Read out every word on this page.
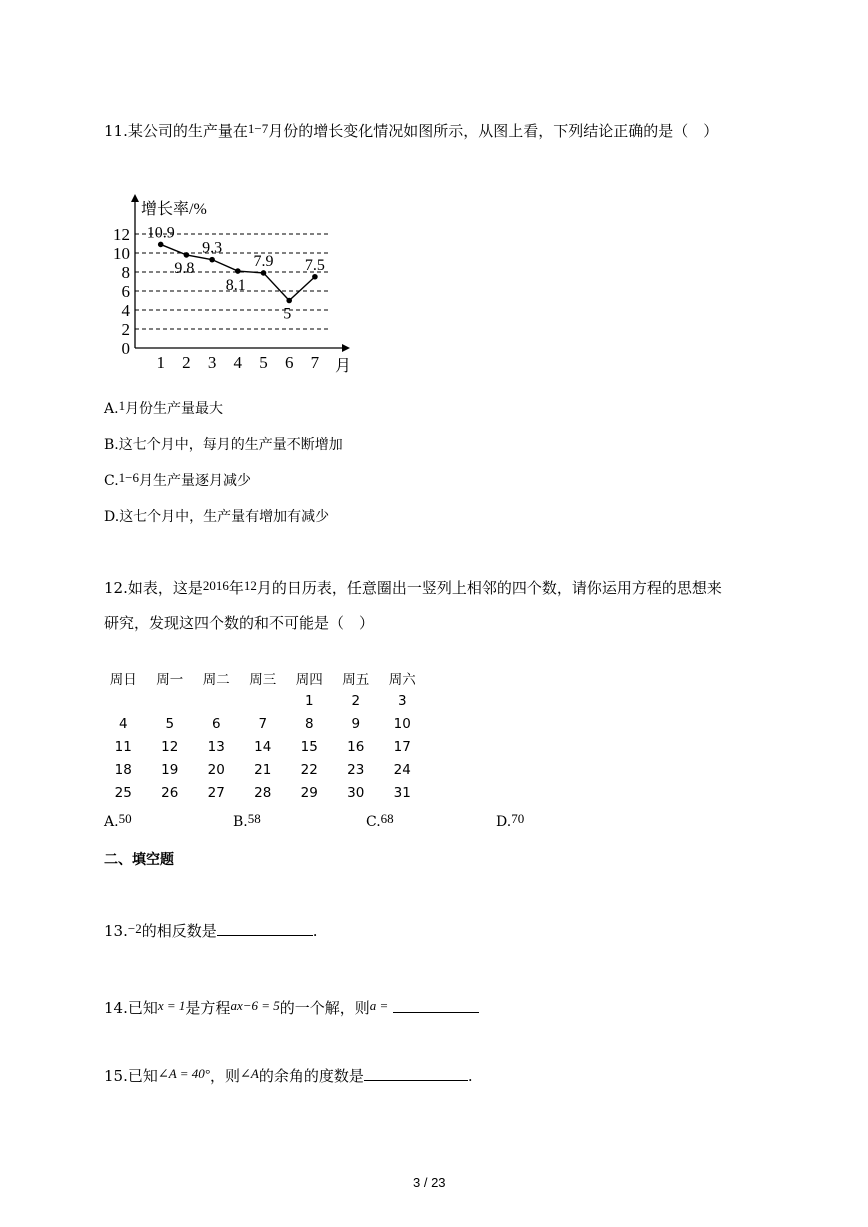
11.某公司的生产量在1−7月份的增长变化情况如图所示，从图上看，下列结论正确的是（　）
增长率/%
月
0
2
4
6
8
10
12
1 2 3 4 5 6 7
10.9
9.8
9.3
8.1
7.9
5
7.5
A.1月份生产量最大
B.这七个月中，每月的生产量不断增加
C.1−6月生产量逐月减少
D.这七个月中，生产量有增加有减少
12.如表，这是2016年12月的日历表，任意圈出一竖列上相邻的四个数，请你运用方程的思想来
研究，发现这四个数的和不可能是（　）
周日	周一	周二	周三	周四	周五	周六
				1	2	3
4	5	6	7	8	9	10
11	12	13	14	15	16	17
18	19	20	21	22	23	24
25	26	27	28	29	30	31
A.50	B.58	C.68	D.70
二、填空题
13.−2的相反数是	.
14.已知x = 1是方程ax−6 = 5的一个解，则a =
15.已知∠A = 40°，则∠A的余角的度数是	.
3 / 23
